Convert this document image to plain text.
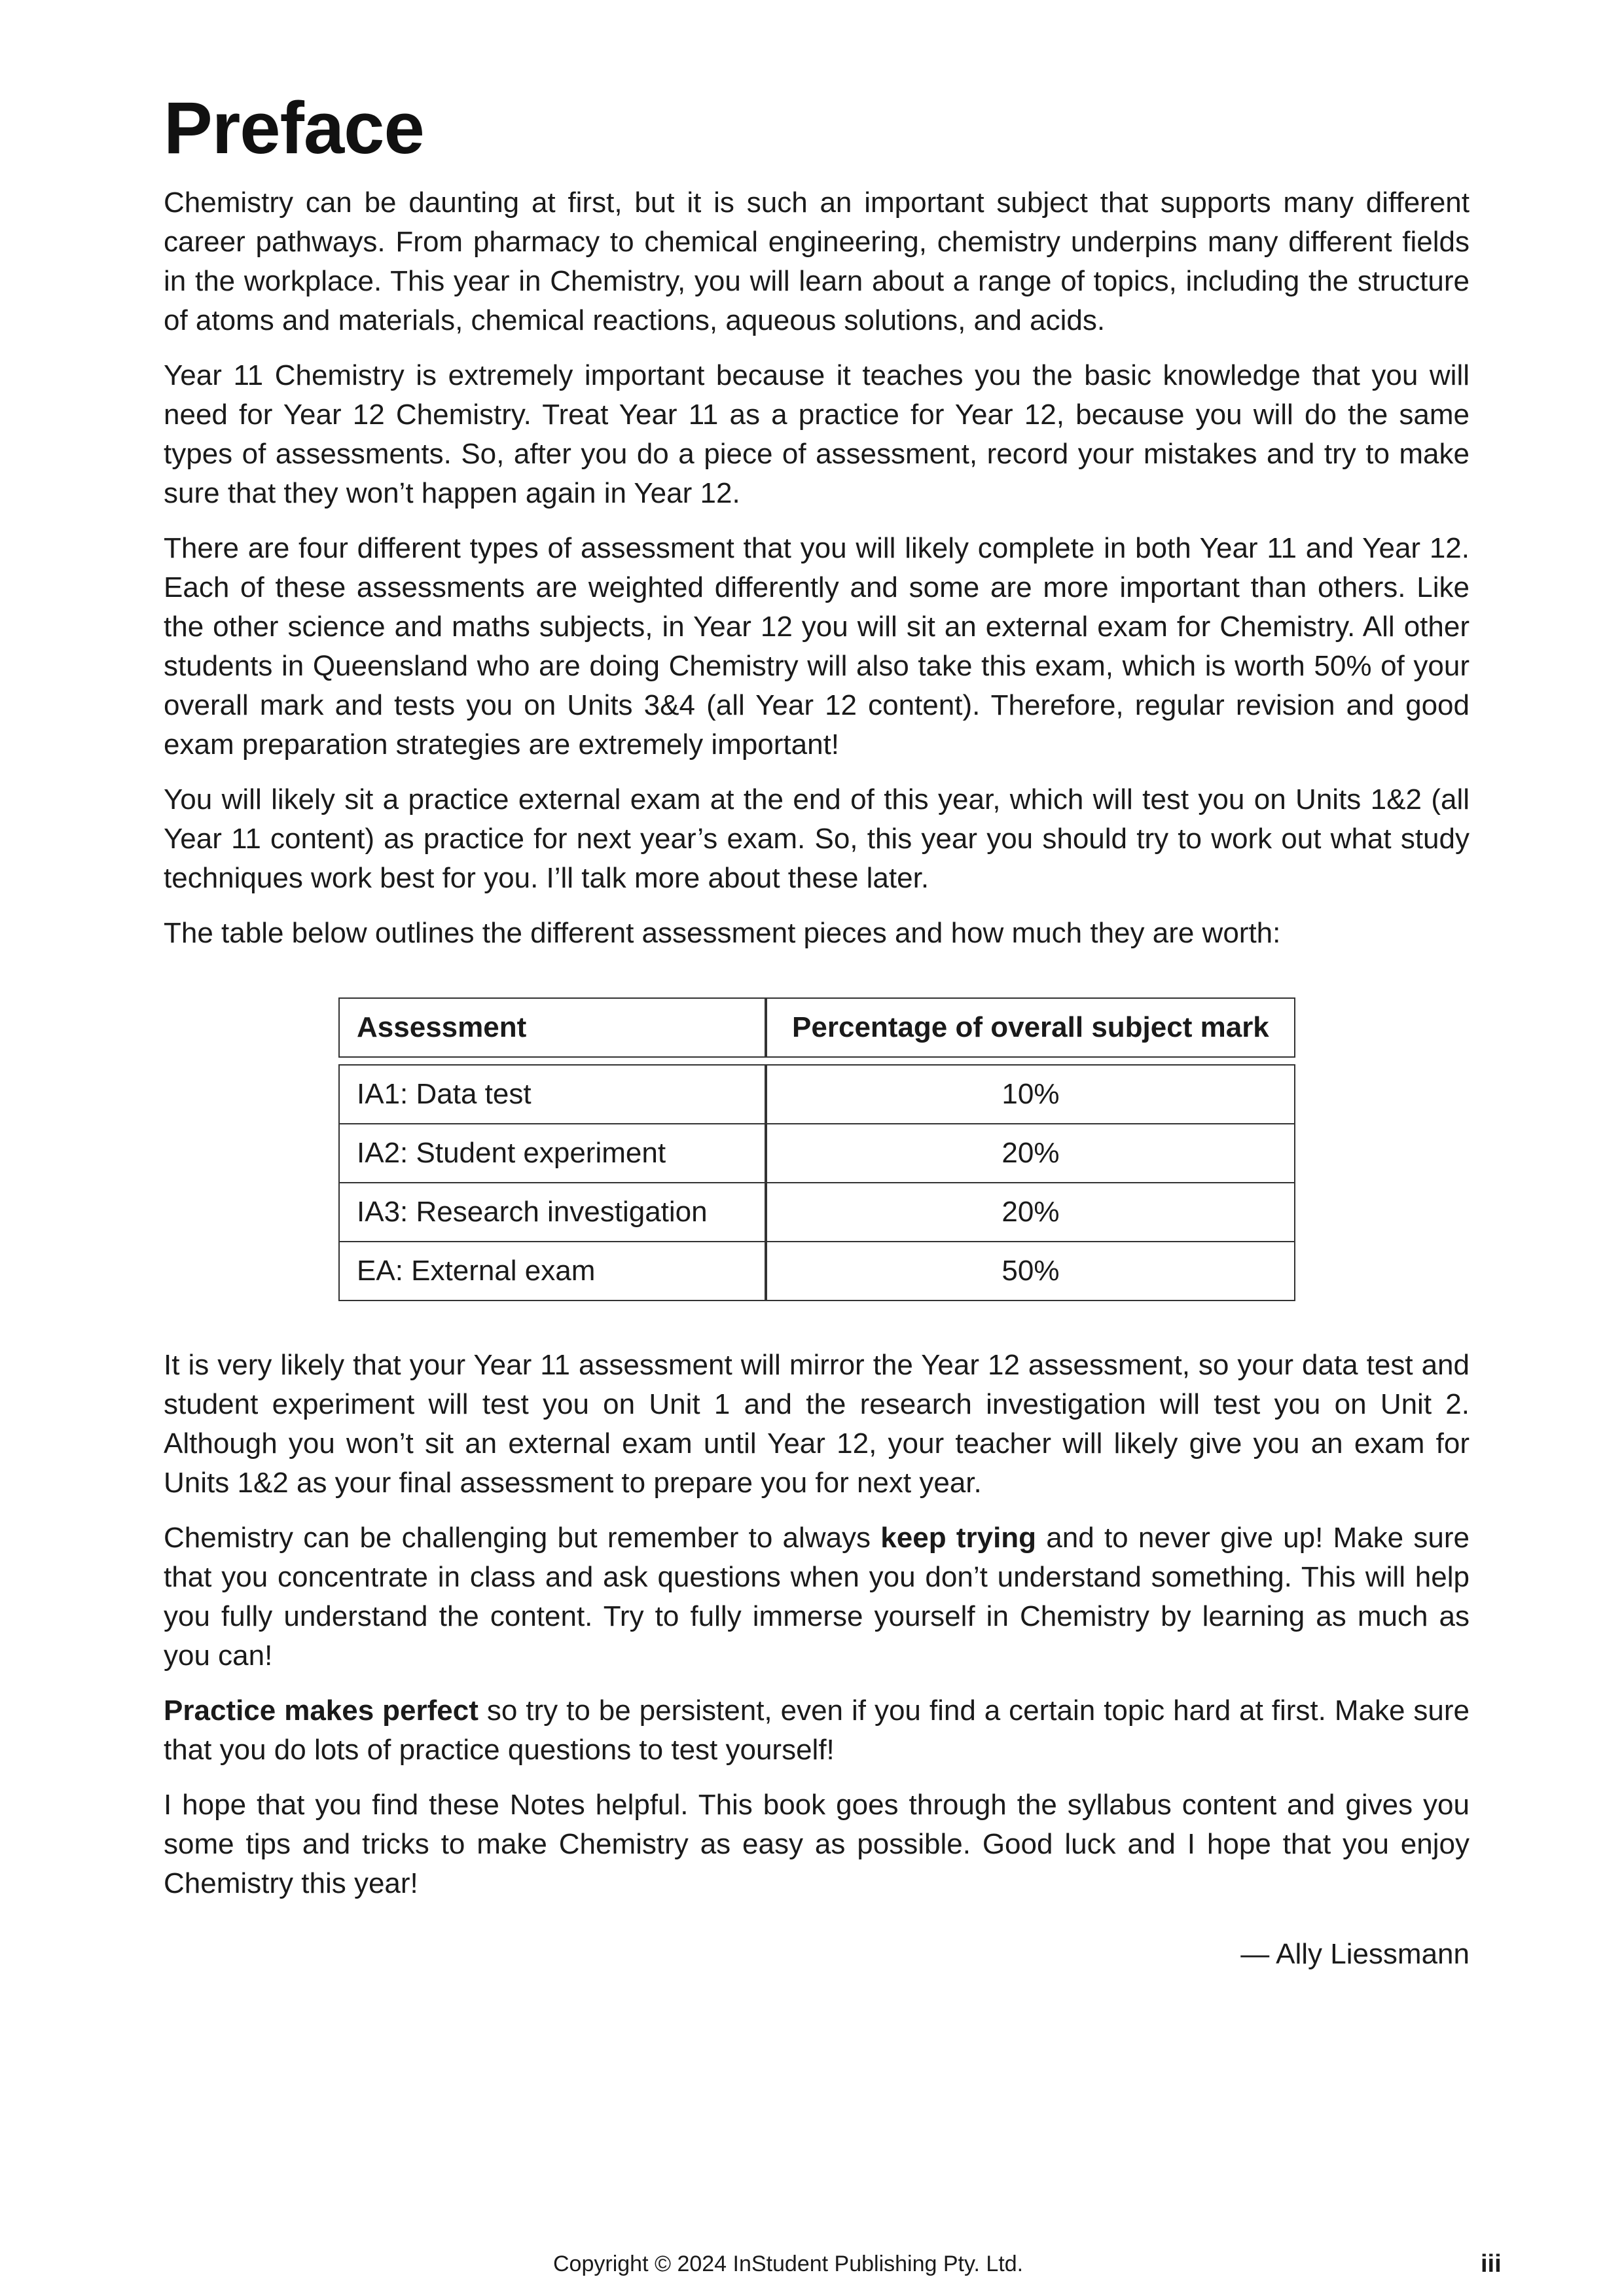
Preface

Chemistry can be daunting at first, but it is such an important subject that supports many different career pathways. From pharmacy to chemical engineering, chemistry underpins many different fields in the workplace. This year in Chemistry, you will learn about a range of topics, including the structure of atoms and materials, chemical reactions, aqueous solutions, and acids.

Year 11 Chemistry is extremely important because it teaches you the basic knowledge that you will need for Year 12 Chemistry. Treat Year 11 as a practice for Year 12, because you will do the same types of assessments. So, after you do a piece of assessment, record your mistakes and try to make sure that they won’t happen again in Year 12.

There are four different types of assessment that you will likely complete in both Year 11 and Year 12. Each of these assessments are weighted differently and some are more important than others. Like the other science and maths subjects, in Year 12 you will sit an external exam for Chemistry. All other students in Queensland who are doing Chemistry will also take this exam, which is worth 50% of your overall mark and tests you on Units 3&4 (all Year 12 content). Therefore, regular revision and good exam preparation strategies are extremely important!

You will likely sit a practice external exam at the end of this year, which will test you on Units 1&2 (all Year 11 content) as practice for next year’s exam. So, this year you should try to work out what study techniques work best for you. I’ll talk more about these later.

The table below outlines the different assessment pieces and how much they are worth:

Assessment	Percentage of overall subject mark

IA1: Data test	10%
IA2: Student experiment	20%
IA3: Research investigation	20%
EA: External exam	50%

It is very likely that your Year 11 assessment will mirror the Year 12 assessment, so your data test and student experiment will test you on Unit 1 and the research investigation will test you on Unit 2. Although you won’t sit an external exam until Year 12, your teacher will likely give you an exam for Units 1&2 as your final assessment to prepare you for next year.

Chemistry can be challenging but remember to always keep trying and to never give up! Make sure that you concentrate in class and ask questions when you don’t understand something. This will help you fully understand the content. Try to fully immerse yourself in Chemistry by learning as much as you can!

Practice makes perfect so try to be persistent, even if you find a certain topic hard at first. Make sure that you do lots of practice questions to test yourself!

I hope that you find these Notes helpful. This book goes through the syllabus content and gives you some tips and tricks to make Chemistry as easy as possible. Good luck and I hope that you enjoy Chemistry this year!

— Ally Liessmann
Copyright © 2024 InStudent Publishing Pty. Ltd.	iii
